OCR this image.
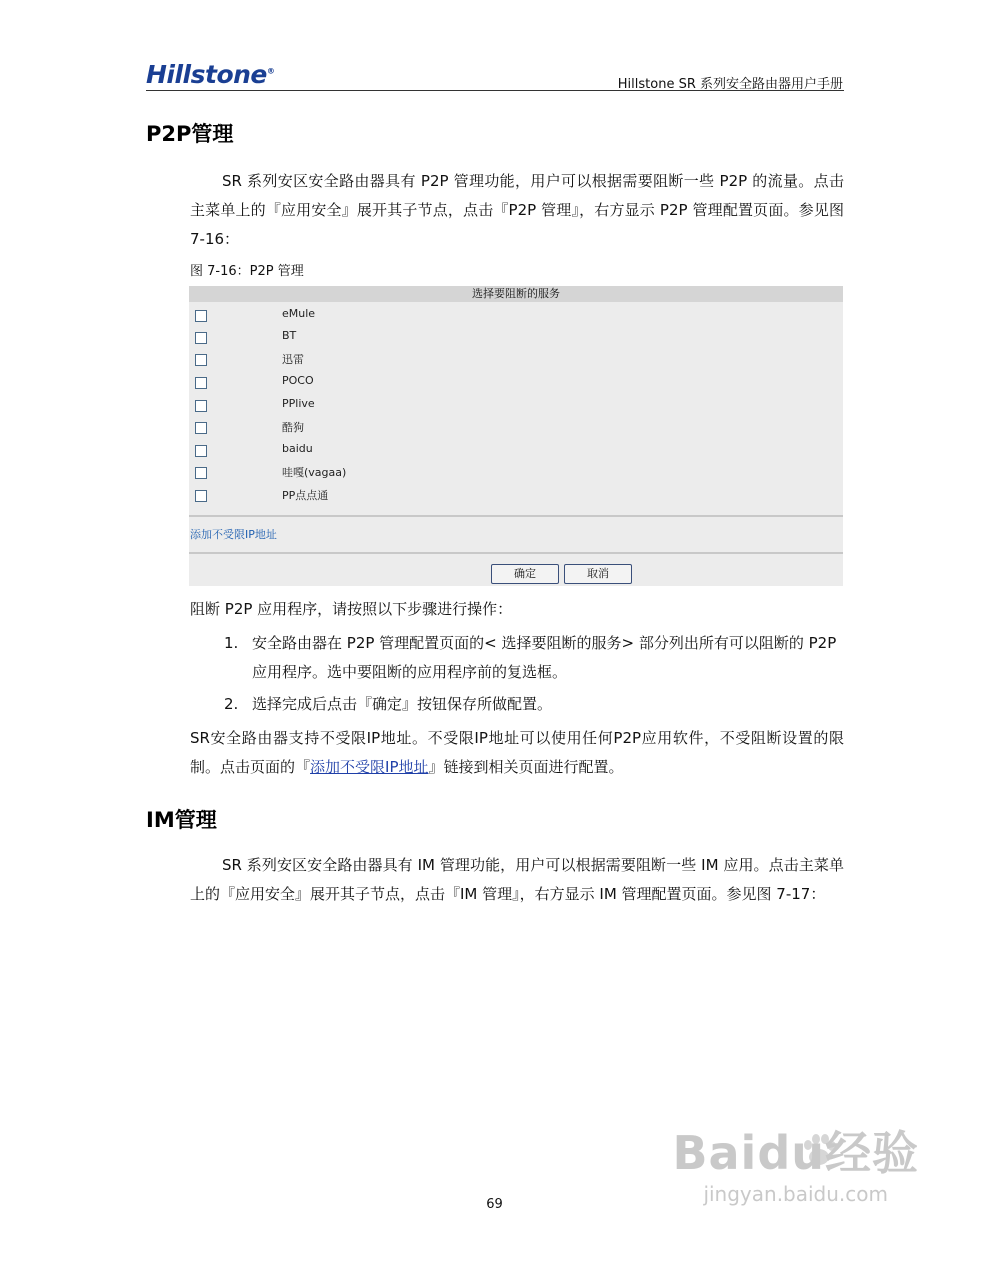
Hillstone®
Hillstone SR 系列安全路由器用户手册
P2P管理
SR 系列安区安全路由器具有 P2P 管理功能，用户可以根据需要阻断一些 P2P 的流量。点击主菜单上的『应用安全』展开其子节点，点击『P2P 管理』，右方显示 P2P 管理配置页面。参见图 7-16：
图 7-16：P2P 管理
选择要阻断的服务
eMule
BT
迅雷
POCO
PPlive
酷狗
baidu
哇嘎(vagaa)
PP点点通
添加不受限IP地址
确定	取消
阻断 P2P 应用程序，请按照以下步骤进行操作：
1. 安全路由器在 P2P 管理配置页面的< 选择要阻断的服务> 部分列出所有可以阻断的 P2P 应用程序。选中要阻断的应用程序前的复选框。
2. 选择完成后点击『确定』按钮保存所做配置。
SR安全路由器支持不受限IP地址。不受限IP地址可以使用任何P2P应用软件，不受阻断设置的限制。点击页面的『添加不受限IP地址』链接到相关页面进行配置。
IM管理
SR 系列安区安全路由器具有 IM 管理功能，用户可以根据需要阻断一些 IM 应用。点击主菜单上的『应用安全』展开其子节点，点击『IM 管理』，右方显示 IM 管理配置页面。参见图 7-17：
69
Baidu经验
jingyan.baidu.com
